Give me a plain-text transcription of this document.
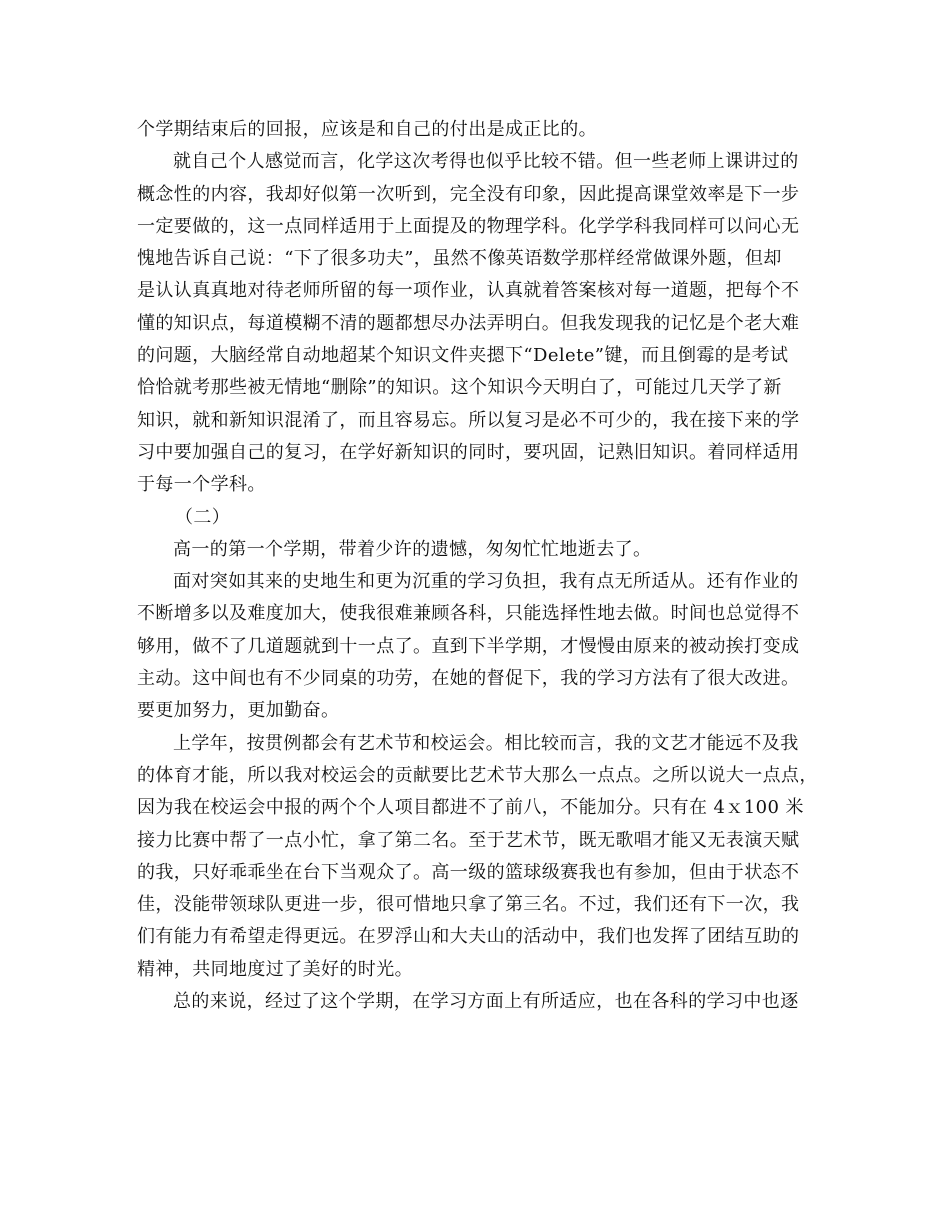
个学期结束后的回报，应该是和自己的付出是成正比的。

就自己个人感觉而言，化学这次考得也似乎比较不错。但一些老师上课讲过的
概念性的内容，我却好似第一次听到，完全没有印象，因此提高课堂效率是下一步
一定要做的，这一点同样适用于上面提及的物理学科。化学学科我同样可以问心无
愧地告诉自己说：“下了很多功夫”，虽然不像英语数学那样经常做课外题，但却
是认认真真地对待老师所留的每一项作业，认真就着答案核对每一道题，把每个不
懂的知识点，每道模糊不清的题都想尽办法弄明白。但我发现我的记忆是个老大难
的问题，大脑经常自动地超某个知识文件夹摁下“Delete”键，而且倒霉的是考试
恰恰就考那些被无情地“删除”的知识。这个知识今天明白了，可能过几天学了新
知识，就和新知识混淆了，而且容易忘。所以复习是必不可少的，我在接下来的学
习中要加强自己的复习，在学好新知识的同时，要巩固，记熟旧知识。着同样适用
于每一个学科。

（二）

高一的第一个学期，带着少许的遗憾，匆匆忙忙地逝去了。

面对突如其来的史地生和更为沉重的学习负担，我有点无所适从。还有作业的
不断增多以及难度加大，使我很难兼顾各科，只能选择性地去做。时间也总觉得不
够用，做不了几道题就到十一点了。直到下半学期，才慢慢由原来的被动挨打变成
主动。这中间也有不少同桌的功劳，在她的督促下，我的学习方法有了很大改进。
要更加努力，更加勤奋。

上学年，按贯例都会有艺术节和校运会。相比较而言，我的文艺才能远不及我
的体育才能，所以我对校运会的贡献要比艺术节大那么一点点。之所以说大一点点，
因为我在校运会中报的两个个人项目都进不了前八，不能加分。只有在 4ｘ100 米
接力比赛中帮了一点小忙，拿了第二名。至于艺术节，既无歌唱才能又无表演天赋
的我，只好乖乖坐在台下当观众了。高一级的篮球级赛我也有参加，但由于状态不
佳，没能带领球队更进一步，很可惜地只拿了第三名。不过，我们还有下一次，我
们有能力有希望走得更远。在罗浮山和大夫山的活动中，我们也发挥了团结互助的
精神，共同地度过了美好的时光。

总的来说，经过了这个学期，在学习方面上有所适应，也在各科的学习中也逐
